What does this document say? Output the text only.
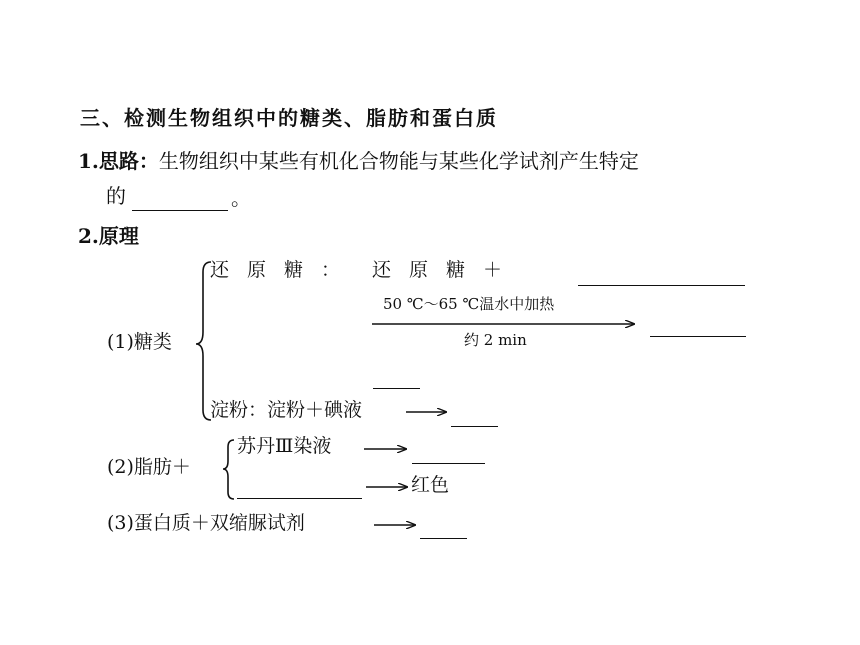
三、检测生物组织中的糖类、脂肪和蛋白质
1.思路：生物组织中某些有机化合物能与某些化学试剂产生特定
的	。
2.原理
(1)糖类
还原糖： 还原糖＋
50 ℃～65 ℃温水中加热
约 2 min
淀粉：淀粉＋碘液
(2)脂肪＋
苏丹Ⅲ染液
红色
(3)蛋白质＋双缩脲试剂
